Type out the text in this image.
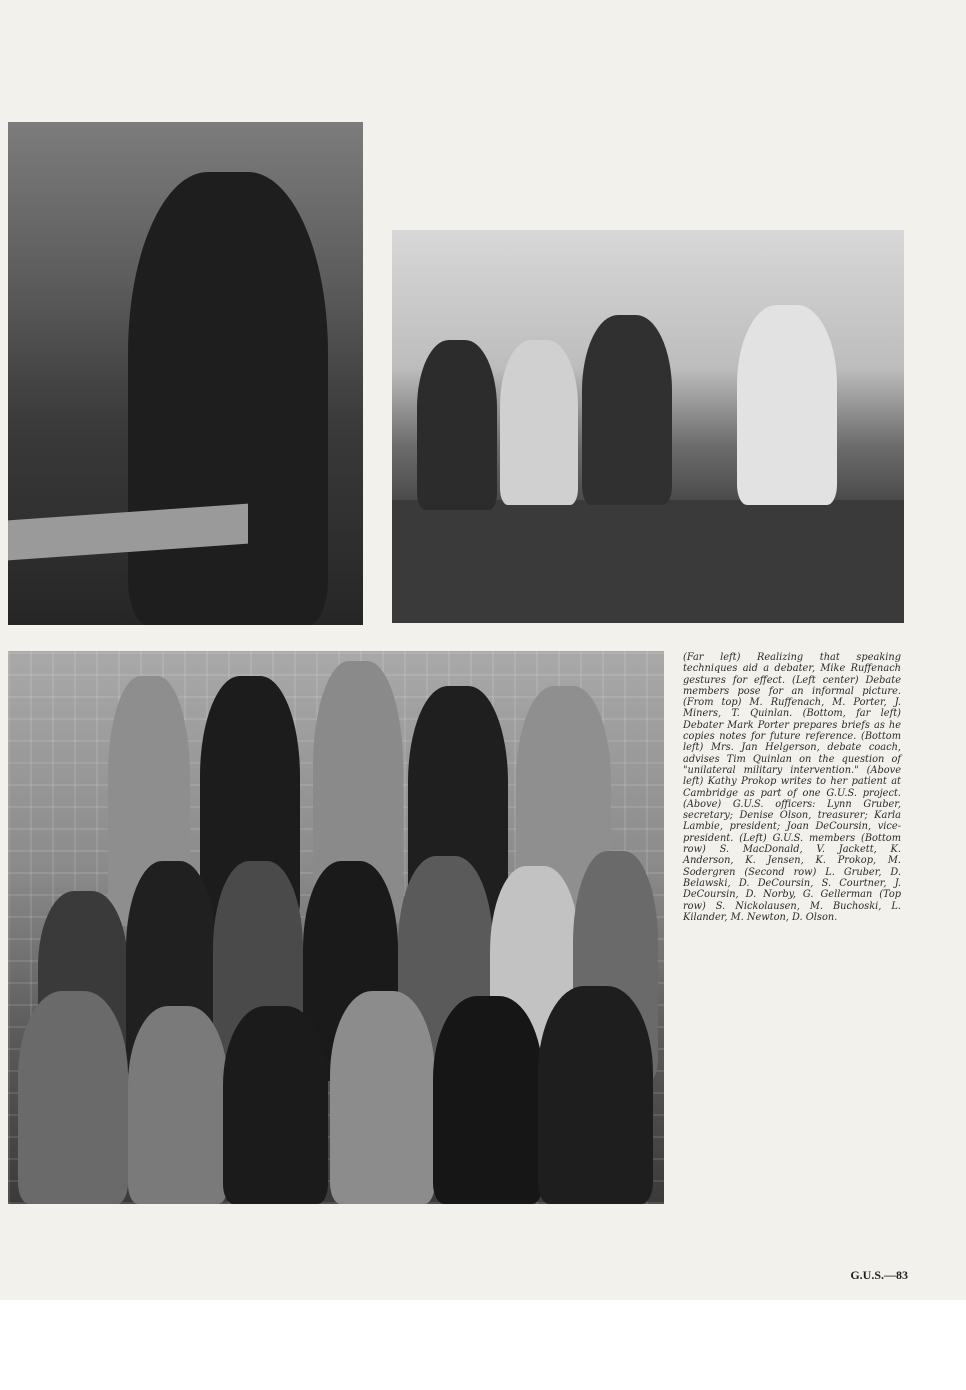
(Far left) Realizing that speaking techniques aid a debater, Mike Ruffenach gestures for effect. (Left center) Debate members pose for an informal picture. (From top) M. Ruffenach, M. Porter, J. Miners, T. Quinlan. (Bottom, far left) Debater Mark Porter prepares briefs as he copies notes for future reference. (Bottom left) Mrs. Jan Helgerson, debate coach, advises Tim Quinlan on the question of "unilateral military intervention." (Above left) Kathy Prokop writes to her patient at Cambridge as part of one G.U.S. project. (Above) G.U.S. officers: Lynn Gruber, secretary; Denise Olson, treasurer; Karla Lambie, president; Joan DeCoursin, vice-president. (Left) G.U.S. members (Bottom row) S. MacDonald, V. Jackett, K. Anderson, K. Jensen, K. Prokop, M. Sodergren (Second row) L. Gruber, D. Belawski, D. DeCoursin, S. Courtner, J. DeCoursin, D. Norby, G. Gellerman (Top row) S. Nickolausen, M. Buchoski, L. Kilander, M. Newton, D. Olson.

G.U.S.—83
